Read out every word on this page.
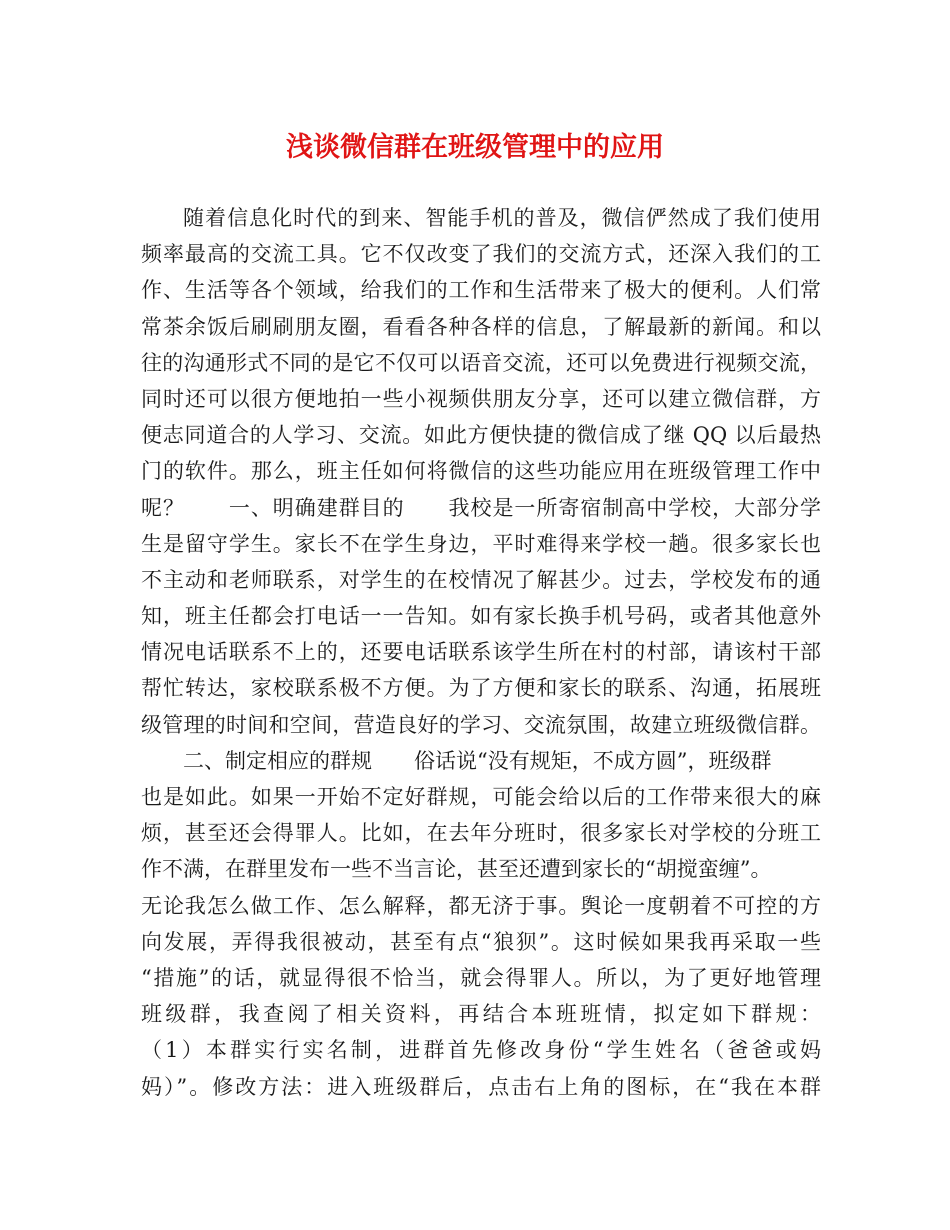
浅谈微信群在班级管理中的应用
随着信息化时代的到来、智能手机的普及，微信俨然成了我们使用
频率最高的交流工具。它不仅改变了我们的交流方式，还深入我们的工
作、生活等各个领域，给我们的工作和生活带来了极大的便利。人们常
常茶余饭后刷刷朋友圈，看看各种各样的信息，了解最新的新闻。和以
往的沟通形式不同的是它不仅可以语音交流，还可以免费进行视频交流，
同时还可以很方便地拍一些小视频供朋友分享，还可以建立微信群，方
便志同道合的人学习、交流。如此方便快捷的微信成了继 QQ 以后最热
门的软件。那么，班主任如何将微信的这些功能应用在班级管理工作中
呢？　　一、明确建群目的　　我校是一所寄宿制高中学校，大部分学
生是留守学生。家长不在学生身边，平时难得来学校一趟。很多家长也
不主动和老师联系，对学生的在校情况了解甚少。过去，学校发布的通
知，班主任都会打电话一一告知。如有家长换手机号码，或者其他意外
情况电话联系不上的，还要电话联系该学生所在村的村部，请该村干部
帮忙转达，家校联系极不方便。为了方便和家长的联系、沟通，拓展班
级管理的时间和空间，营造良好的学习、交流氛围，故建立班级微信群。
二、制定相应的群规　　俗话说“没有规矩，不成方圆”，班级群
也是如此。如果一开始不定好群规，可能会给以后的工作带来很大的麻
烦，甚至还会得罪人。比如，在去年分班时，很多家长对学校的分班工
作不满，在群里发布一些不当言论，甚至还遭到家长的“胡搅蛮缠”。
无论我怎么做工作、怎么解释，都无济于事。舆论一度朝着不可控的方
向发展，弄得我很被动，甚至有点“狼狈”。这时候如果我再采取一些
“措施”的话，就显得很不恰当，就会得罪人。所以，为了更好地管理
班级群，我查阅了相关资料，再结合本班班情，拟定如下群规：
（1）本群实行实名制，进群首先修改身份“学生姓名（爸爸或妈
妈）”。修改方法：进入班级群后，点击右上角的图标，在“我在本群
